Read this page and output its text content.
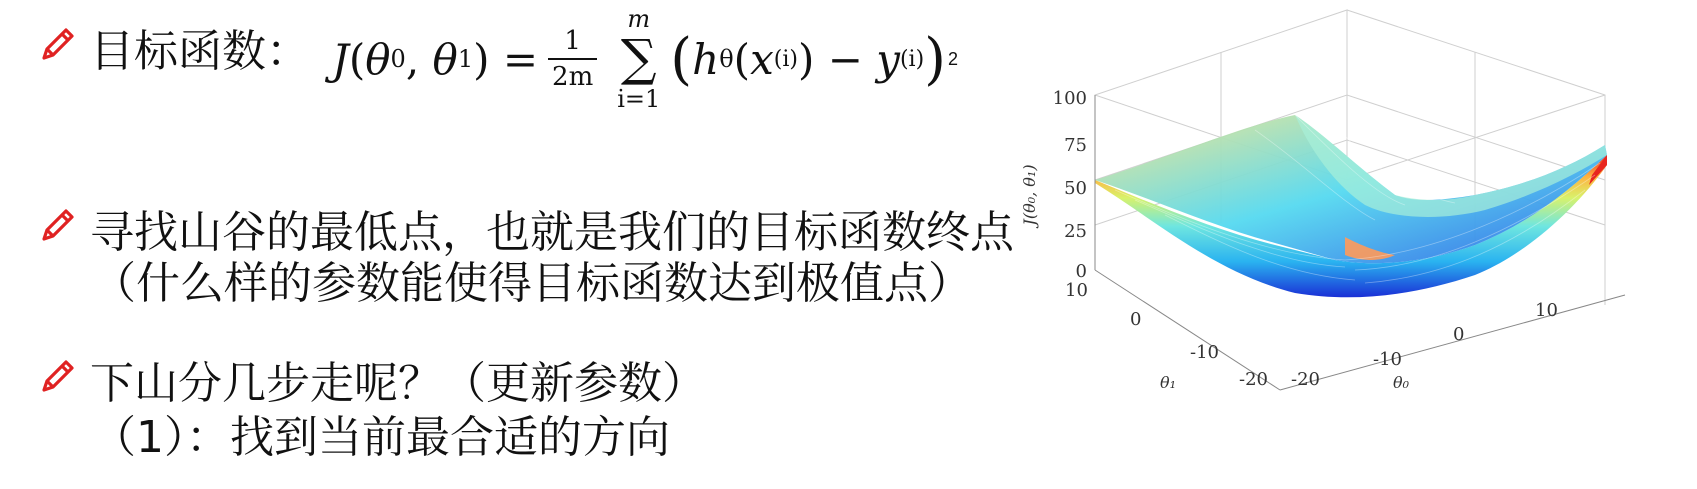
目标函数： J ( θ 0 , θ 1 ) = $\frac{1}{2m}$
m
∑
i=1
( h θ ( x (i) ) − y (i) ) 2
寻找山谷的最低点，也就是我们的目标函数终点
（什么样的参数能使得目标函数达到极值点）
下山分几步走呢？（更新参数）
（1）：找到当前最合适的方向
100
75
50
25
0
J(θ₀, θ₁)
10
0
-10
-20
θ₁	-20
-10
0
10
θ₀
